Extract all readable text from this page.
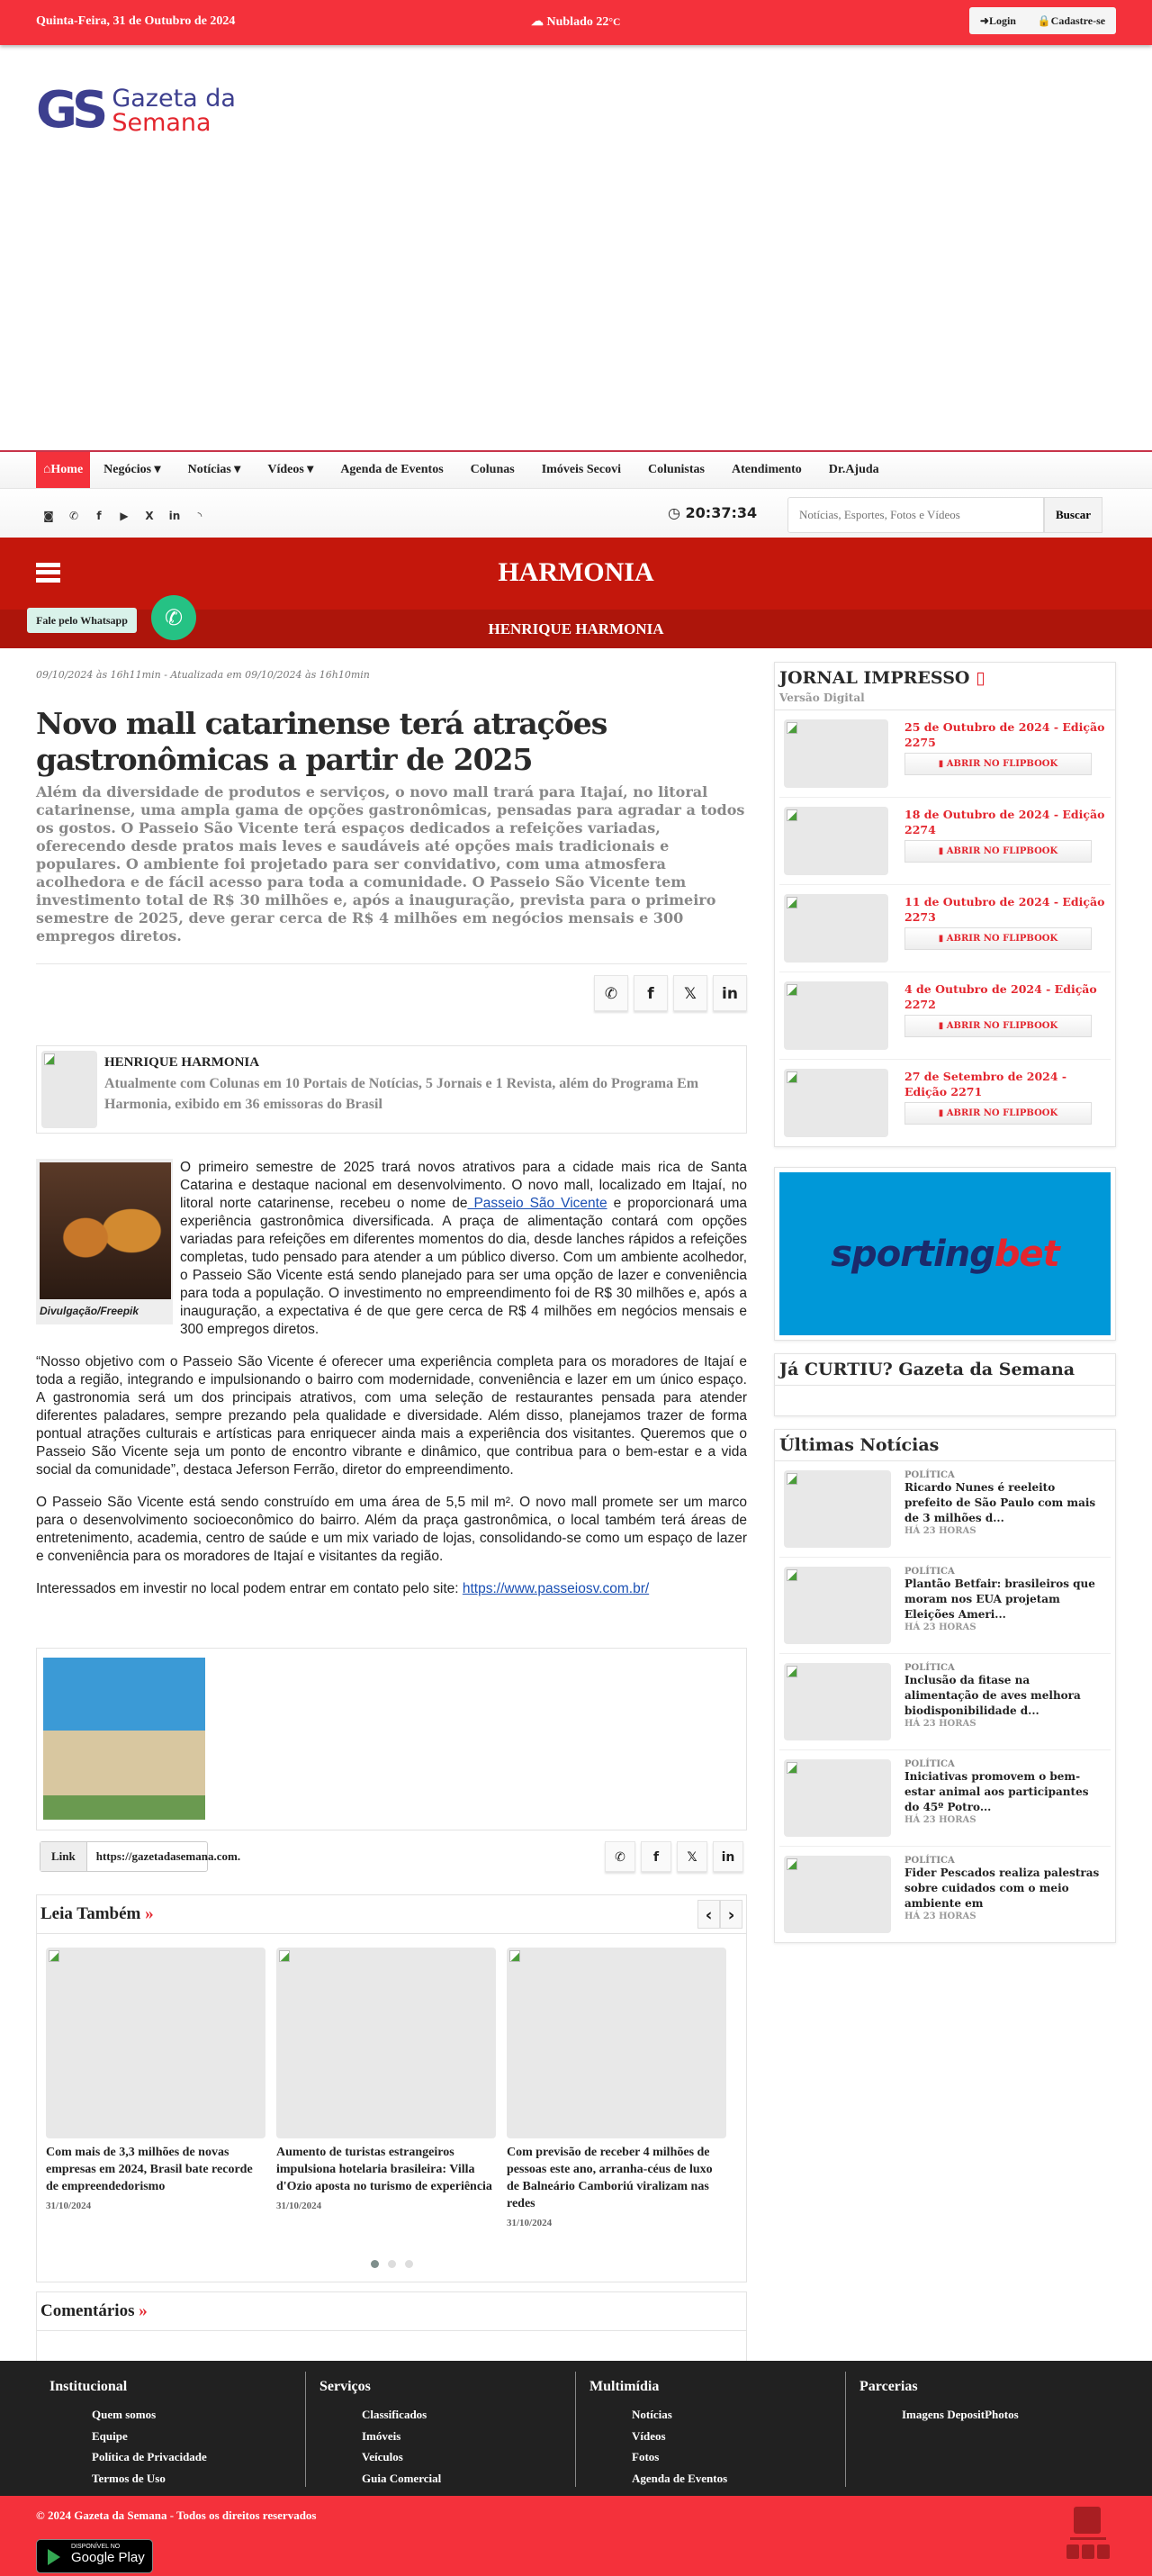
Quinta-Feira, 31 de Outubro de 2024	☁ Nublado 22°C	➜Login 🔒Cadastre-se
GS Gazeta da
Semana
⌂Home	Negócios ▾	Notícias ▾	Vídeos ▾	Agenda de Eventos	Colunas	Imóveis Secovi	Colunistas	Atendimento	Dr.Ajuda
◙ ✆ f ▶ X in ◝	◷ 20:37:34
Notícias, Esportes, Fotos e Vídeos	Buscar
HARMONIA
HENRIQUE HARMONIA
Fale pelo Whatsapp	✆
09/10/2024 às 16h11min - Atualizada em 09/10/2024 às 16h10min
Novo mall catarinense terá atrações gastronômicas a partir de 2025
Além da diversidade de produtos e serviços, o novo mall trará para Itajaí, no litoral catarinense, uma ampla gama de opções gastronômicas, pensadas para agradar a todos os gostos. O Passeio São Vicente terá espaços dedicados a refeições variadas, oferecendo desde pratos mais leves e saudáveis até opções mais tradicionais e populares. O ambiente foi projetado para ser convidativo, com uma atmosfera acolhedora e de fácil acesso para toda a comunidade. O Passeio São Vicente tem investimento total de R$ 30 milhões e, após a inauguração, prevista para o primeiro semestre de 2025, deve gerar cerca de R$ 4 milhões em negócios mensais e 300 empregos diretos.
✆	f	𝕏	in
HENRIQUE HARMONIA
Atualmente com Colunas em 10 Portais de Notícias, 5 Jornais e 1 Revista, além do Programa Em Harmonia, exibido em 36 emissoras do Brasil
Divulgação/Freepik

O primeiro semestre de 2025 trará novos atrativos para a cidade mais rica de Santa Catarina e destaque nacional em desenvolvimento. O novo mall, localizado em Itajaí, no litoral norte catarinense, recebeu o nome de Passeio São Vicente e proporcionará uma experiência gastronômica diversificada. A praça de alimentação contará com opções variadas para refeições em diferentes momentos do dia, desde lanches rápidos a refeições completas, tudo pensado para atender a um público diverso. Com um ambiente acolhedor, o Passeio São Vicente está sendo planejado para ser uma opção de lazer e conveniência para toda a população. O investimento no empreendimento foi de R$ 30 milhões e, após a inauguração, a expectativa é de que gere cerca de R$ 4 milhões em negócios mensais e 300 empregos diretos.

“Nosso objetivo com o Passeio São Vicente é oferecer uma experiência completa para os moradores de Itajaí e toda a região, integrando e impulsionando o bairro com modernidade, conveniência e lazer em um único espaço. A gastronomia será um dos principais atrativos, com uma seleção de restaurantes pensada para atender diferentes paladares, sempre prezando pela qualidade e diversidade. Além disso, planejamos trazer de forma pontual atrações culturais e artísticas para enriquecer ainda mais a experiência dos visitantes. Queremos que o Passeio São Vicente seja um ponto de encontro vibrante e dinâmico, que contribua para o bem-estar e a vida social da comunidade”, destaca Jeferson Ferrão, diretor do empreendimento.

O Passeio São Vicente está sendo construído em uma área de 5,5 mil m². O novo mall promete ser um marco para o desenvolvimento socioeconômico do bairro. Além da praça gastronômica, o local também terá áreas de entretenimento, academia, centro de saúde e um mix variado de lojas, consolidando-se como um espaço de lazer e conveniência para os moradores de Itajaí e visitantes da região.

Interessados em investir no local podem entrar em contato pelo site: https://www.passeiosv.com.br/

Link	https://gazetadasemana.com.	✆	f	𝕏	in
Leia Também »	‹ ›
Com mais de 3,3 milhões de novas empresas em 2024, Brasil bate recorde de empreendedorismo
31/10/2024
Aumento de turistas estrangeiros impulsiona hotelaria brasileira: Villa d'Ozio aposta no turismo de experiência
31/10/2024
Com previsão de receber 4 milhões de pessoas este ano, arranha-céus de luxo de Balneário Camboriú viralizam nas redes
31/10/2024
Comentários »
JORNAL IMPRESSO ▯
Versão Digital
25 de Outubro de 2024 - Edição 2275
▮ ABRIR NO FLIPBOOK
18 de Outubro de 2024 - Edição 2274
▮ ABRIR NO FLIPBOOK
11 de Outubro de 2024 - Edição 2273
▮ ABRIR NO FLIPBOOK
4 de Outubro de 2024 - Edição 2272
▮ ABRIR NO FLIPBOOK
27 de Setembro de 2024 - Edição 2271
▮ ABRIR NO FLIPBOOK
sporting bet
Já CURTIU? Gazeta da Semana
Últimas Notícias
POLÍTICA
Ricardo Nunes é reeleito prefeito de São Paulo com mais de 3 milhões d...
HÁ 23 HORAS
POLÍTICA
Plantão Betfair: brasileiros que moram nos EUA projetam Eleições Ameri...
HÁ 23 HORAS
POLÍTICA
Inclusão da fitase na alimentação de aves melhora biodisponibilidade d...
HÁ 23 HORAS
POLÍTICA
Iniciativas promovem o bem-estar animal aos participantes do 45º Potro...
HÁ 23 HORAS
POLÍTICA
Fider Pescados realiza palestras sobre cuidados com o meio ambiente em
HÁ 23 HORAS
Institucional
Quem somos
Equipe
Política de Privacidade
Termos de Uso
Serviços
Classificados
Imóveis
Veículos
Guia Comercial
Multimídia
Notícias
Vídeos
Fotos
Agenda de Eventos
Parcerias
Imagens DepositPhotos
© 2024 Gazeta da Semana - Todos os direitos reservados
DISPONÍVEL NO
Google Play
